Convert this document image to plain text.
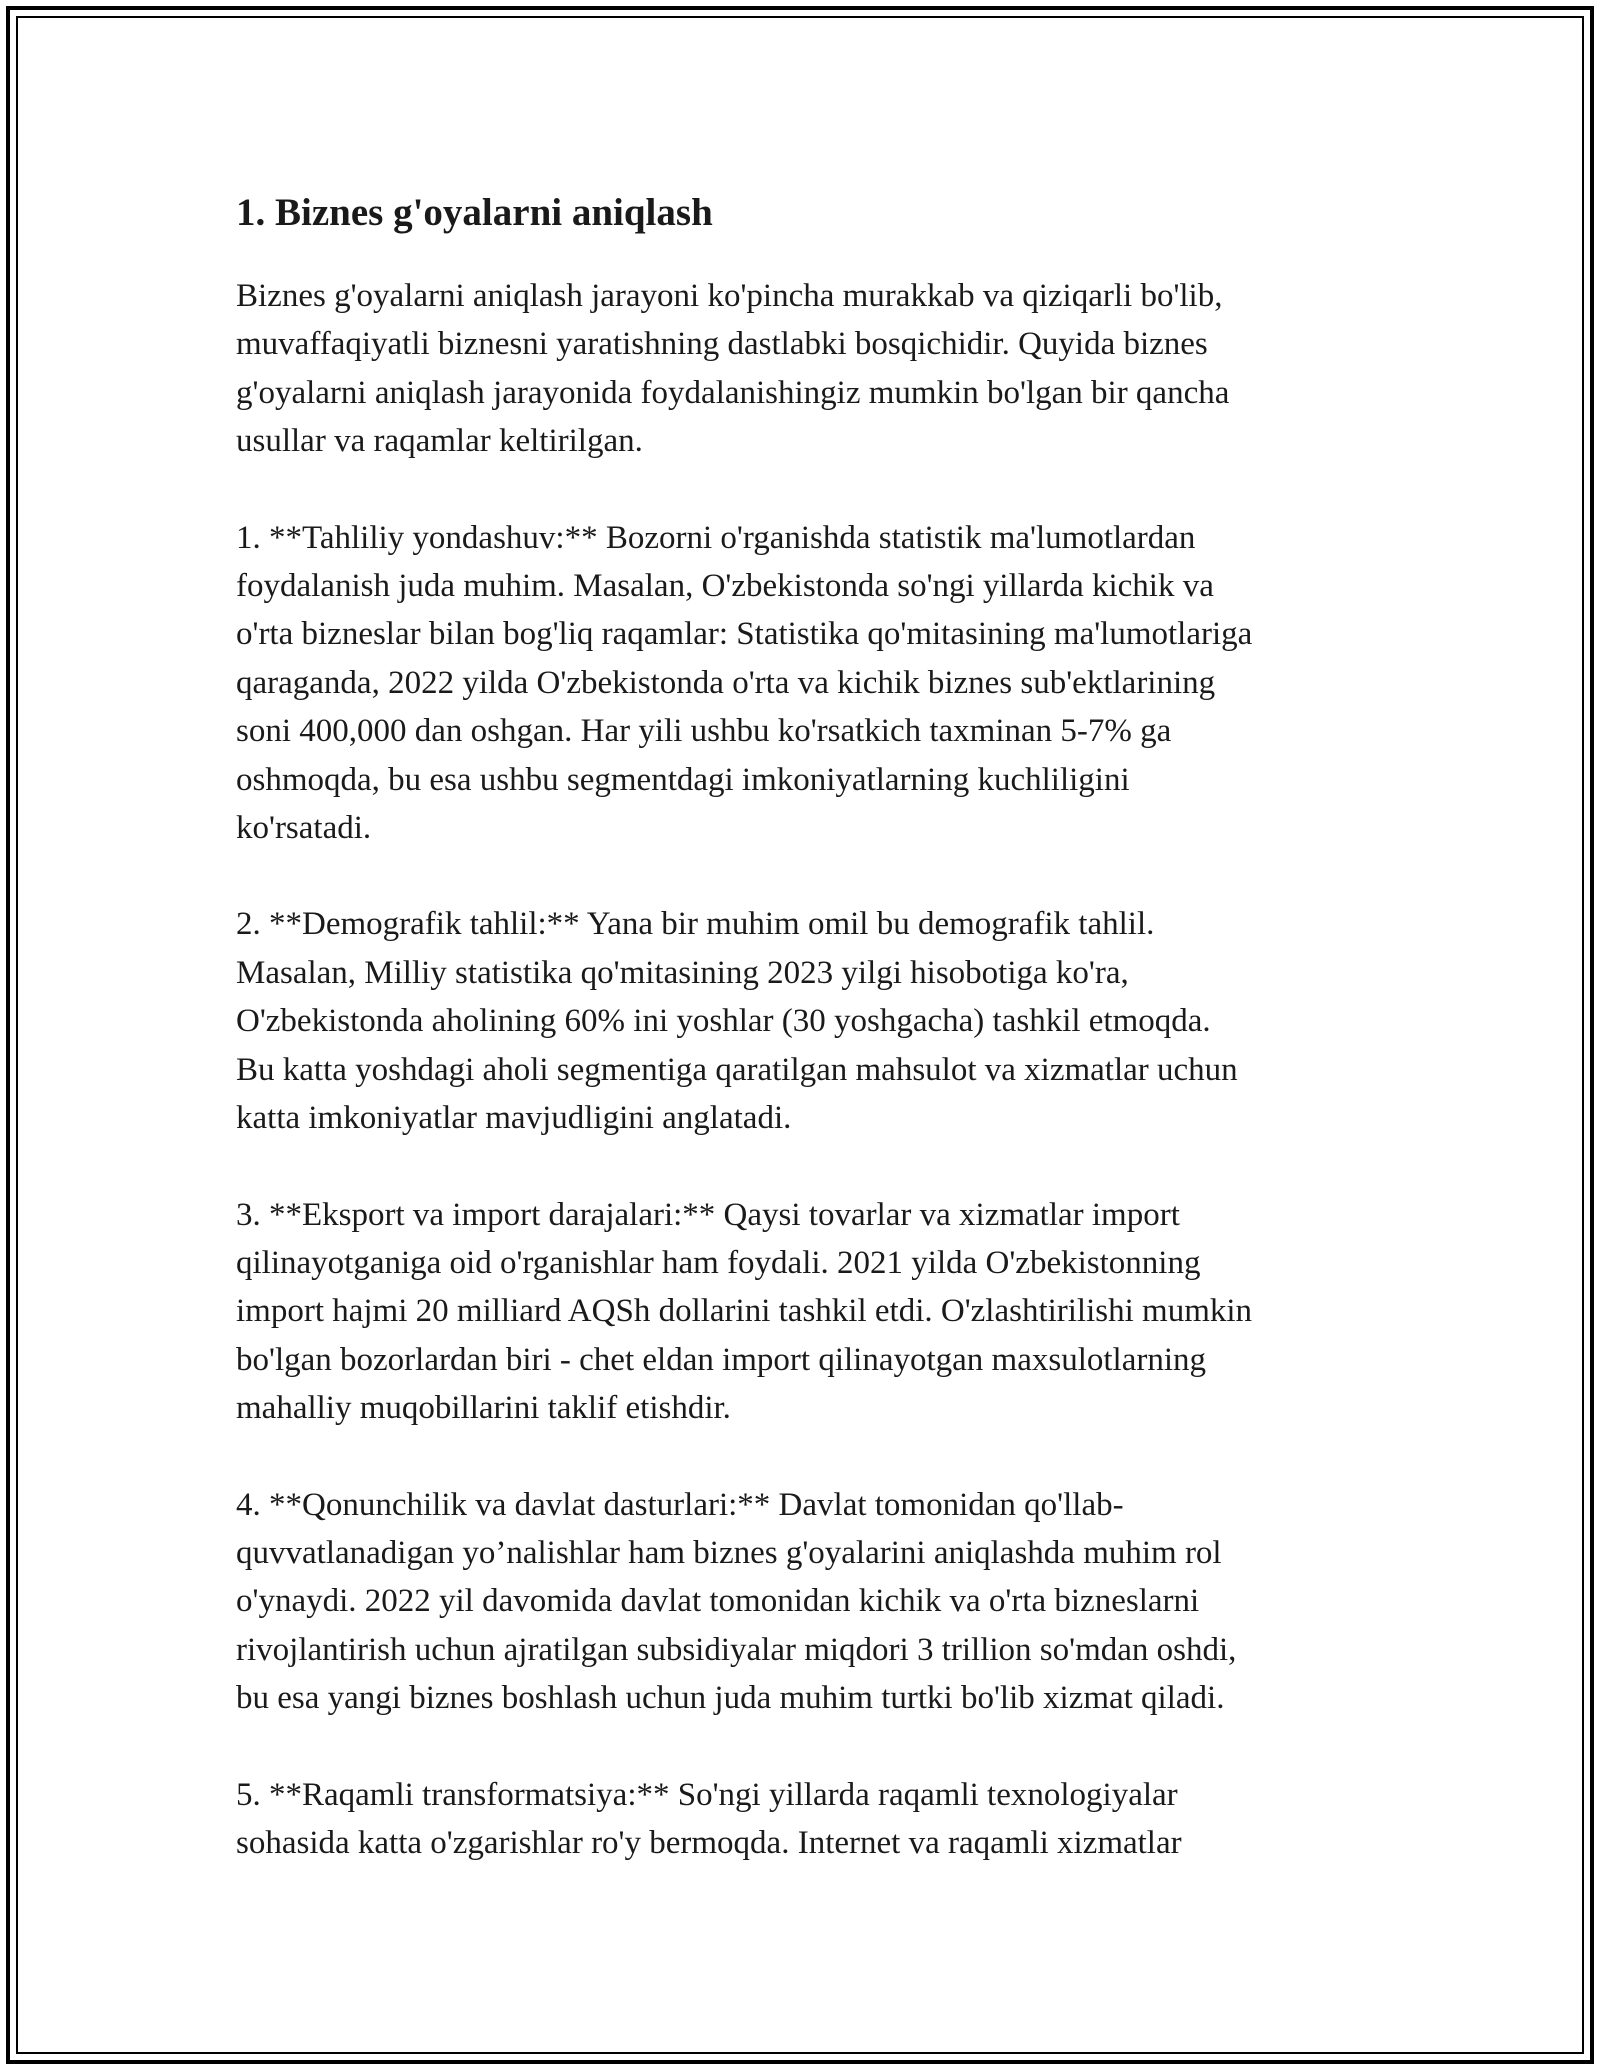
1. Biznes g'oyalarni aniqlash

Biznes g'oyalarni aniqlash jarayoni ko'pincha murakkab va qiziqarli bo'lib,
muvaffaqiyatli biznesni yaratishning dastlabki bosqichidir. Quyida biznes
g'oyalarni aniqlash jarayonida foydalanishingiz mumkin bo'lgan bir qancha
usullar va raqamlar keltirilgan.

1. **Tahliliy yondashuv:** Bozorni o'rganishda statistik ma'lumotlardan
foydalanish juda muhim. Masalan, O'zbekistonda so'ngi yillarda kichik va
o'rta bizneslar bilan bog'liq raqamlar: Statistika qo'mitasining ma'lumotlariga
qaraganda, 2022 yilda O'zbekistonda o'rta va kichik biznes sub'ektlarining
soni 400,000 dan oshgan. Har yili ushbu ko'rsatkich taxminan 5-7% ga
oshmoqda, bu esa ushbu segmentdagi imkoniyatlarning kuchliligini
ko'rsatadi.

2. **Demografik tahlil:** Yana bir muhim omil bu demografik tahlil.
Masalan, Milliy statistika qo'mitasining 2023 yilgi hisobotiga ko'ra,
O'zbekistonda aholining 60% ini yoshlar (30 yoshgacha) tashkil etmoqda.
Bu katta yoshdagi aholi segmentiga qaratilgan mahsulot va xizmatlar uchun
katta imkoniyatlar mavjudligini anglatadi.

3. **Eksport va import darajalari:** Qaysi tovarlar va xizmatlar import
qilinayotganiga oid o'rganishlar ham foydali. 2021 yilda O'zbekistonning
import hajmi 20 milliard AQSh dollarini tashkil etdi. O'zlashtirilishi mumkin
bo'lgan bozorlardan biri - chet eldan import qilinayotgan maxsulotlarning
mahalliy muqobillarini taklif etishdir.

4. **Qonunchilik va davlat dasturlari:** Davlat tomonidan qo'llab-
quvvatlanadigan yo’nalishlar ham biznes g'oyalarini aniqlashda muhim rol
o'ynaydi. 2022 yil davomida davlat tomonidan kichik va o'rta bizneslarni
rivojlantirish uchun ajratilgan subsidiyalar miqdori 3 trillion so'mdan oshdi,
bu esa yangi biznes boshlash uchun juda muhim turtki bo'lib xizmat qiladi.

5. **Raqamli transformatsiya:** So'ngi yillarda raqamli texnologiyalar
sohasida katta o'zgarishlar ro'y bermoqda. Internet va raqamli xizmatlar
